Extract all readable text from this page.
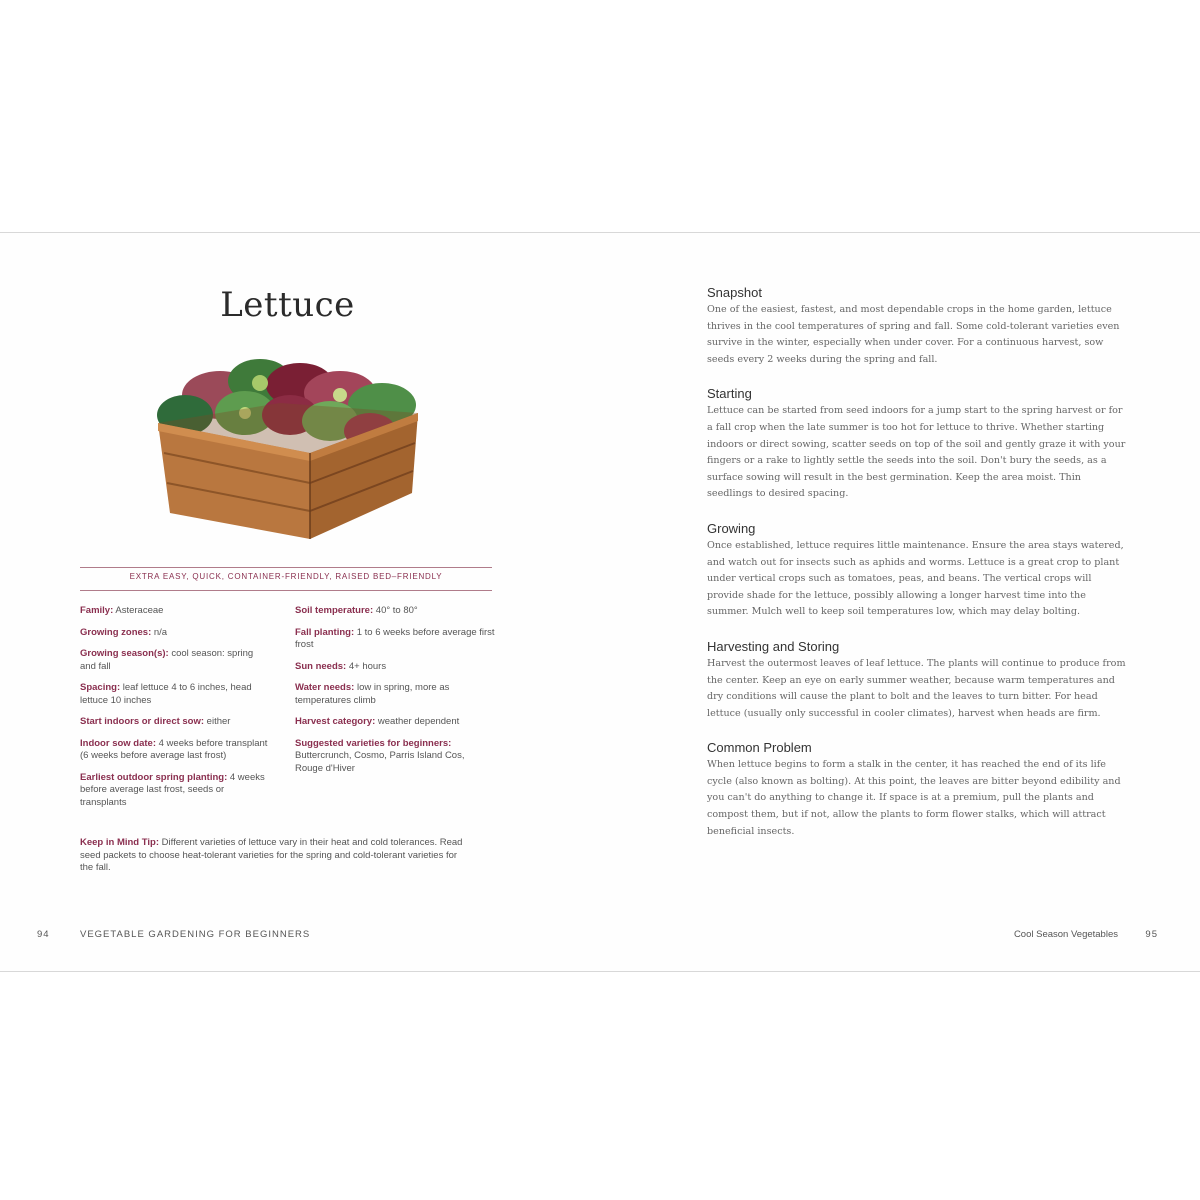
Lettuce
EXTRA EASY, QUICK, CONTAINER-FRIENDLY, RAISED BED–FRIENDLY
Family: Asteraceae
Growing zones: n/a
Growing season(s): cool season: spring and fall
Spacing: leaf lettuce 4 to 6 inches, head lettuce 10 inches
Start indoors or direct sow: either
Indoor sow date: 4 weeks before transplant (6 weeks before average last frost)
Earliest outdoor spring planting: 4 weeks before average last frost, seeds or transplants
Soil temperature: 40° to 80°
Fall planting: 1 to 6 weeks before average first frost
Sun needs: 4+ hours
Water needs: low in spring, more as temperatures climb
Harvest category: weather dependent
Suggested varieties for beginners: Buttercrunch, Cosmo, Parris Island Cos, Rouge d'Hiver
Keep in Mind Tip: Different varieties of lettuce vary in their heat and cold tolerances. Read seed packets to choose heat-tolerant varieties for the spring and cold-tolerant varieties for the fall.
94	VEGETABLE GARDENING FOR BEGINNERS
Snapshot

One of the easiest, fastest, and most dependable crops in the home garden, lettuce thrives in the cool temperatures of spring and fall. Some cold-tolerant varieties even survive in the winter, especially when under cover. For a continuous harvest, sow seeds every 2 weeks during the spring and fall.

Starting

Lettuce can be started from seed indoors for a jump start to the spring harvest or for a fall crop when the late summer is too hot for lettuce to thrive. Whether starting indoors or direct sowing, scatter seeds on top of the soil and gently graze it with your fingers or a rake to lightly settle the seeds into the soil. Don't bury the seeds, as a surface sowing will result in the best germination. Keep the area moist. Thin seedlings to desired spacing.

Growing

Once established, lettuce requires little maintenance. Ensure the area stays watered, and watch out for insects such as aphids and worms. Lettuce is a great crop to plant under vertical crops such as tomatoes, peas, and beans. The vertical crops will provide shade for the lettuce, possibly allowing a longer harvest time into the summer. Mulch well to keep soil temperatures low, which may delay bolting.

Harvesting and Storing

Harvest the outermost leaves of leaf lettuce. The plants will continue to produce from the center. Keep an eye on early summer weather, because warm temperatures and dry conditions will cause the plant to bolt and the leaves to turn bitter. For head lettuce (usually only successful in cooler climates), harvest when heads are firm.

Common Problem

When lettuce begins to form a stalk in the center, it has reached the end of its life cycle (also known as bolting). At this point, the leaves are bitter beyond edibility and you can't do anything to change it. If space is at a premium, pull the plants and compost them, but if not, allow the plants to form flower stalks, which will attract beneficial insects.

Cool Season Vegetables	95
